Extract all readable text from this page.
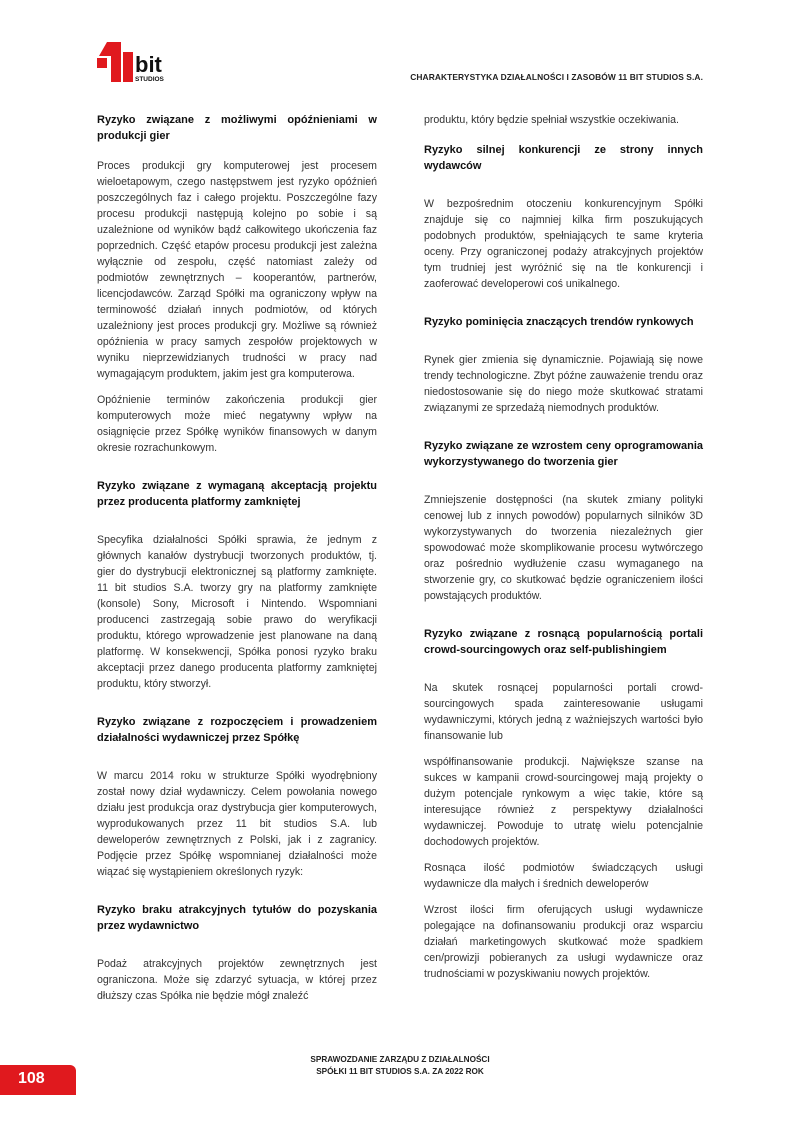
bit
STUDIOS	CHARAKTERYSTYKA DZIAŁALNOŚCI I ZASOBÓW 11 BIT STUDIOS S.A.
Ryzyko związane z możliwymi opóźnieniami w produkcji gier

Proces produkcji gry komputerowej jest procesem wieloetapowym, czego następstwem jest ryzyko opóźnień poszczególnych faz i całego projektu. Poszczególne fazy procesu produkcji następują kolejno po sobie i są uzależnione od wyników bądź całkowitego ukończenia faz poprzednich. Część etapów procesu produkcji jest zależna wyłącznie od zespołu, część natomiast zależy od podmiotów zewnętrznych – kooperantów, partnerów, licencjodawców. Zarząd Spółki ma ograniczony wpływ na terminowość działań innych podmiotów, od których uzależniony jest proces produkcji gry. Możliwe są również opóźnienia w pracy samych zespołów projektowych w wyniku nieprzewidzianych trudności w pracy nad wymagającym produktem, jakim jest gra komputerowa.

Opóźnienie terminów zakończenia produkcji gier komputerowych może mieć negatywny wpływ na osiągnięcie przez Spółkę wyników finansowych w danym okresie rozrachunkowym.

Ryzyko związane z wymaganą akceptacją projektu przez producenta platformy zamkniętej

Specyfika działalności Spółki sprawia, że jednym z głównych kanałów dystrybucji tworzonych produktów, tj. gier do dystrybucji elektronicznej są platformy zamknięte. 11 bit studios S.A. tworzy gry na platformy zamknięte (konsole) Sony, Microsoft i Nintendo. Wspomniani producenci zastrzegają sobie prawo do weryfikacji produktu, którego wprowadzenie jest planowane na daną platformę. W konsekwencji, Spółka ponosi ryzyko braku akceptacji przez danego producenta platformy zamkniętej produktu, który stworzył.

Ryzyko związane z rozpoczęciem i prowadzeniem działalności wydawniczej przez Spółkę

W marcu 2014 roku w strukturze Spółki wyodrębniony został nowy dział wydawniczy. Celem powołania nowego działu jest produkcja oraz dystrybucja gier komputerowych, wyprodukowanych przez 11 bit studios S.A. lub deweloperów zewnętrznych z Polski, jak i z zagranicy. Podjęcie przez Spółkę wspomnianej działalności może wiązać się wystąpieniem określonych ryzyk:

Ryzyko braku atrakcyjnych tytułów do pozyskania przez wydawnictwo

Podaż atrakcyjnych projektów zewnętrznych jest ograniczona. Może się zdarzyć sytuacja, w której przez dłuższy czas Spółka nie będzie mógł znaleźć

produktu, który będzie spełniał wszystkie oczekiwania.

Ryzyko silnej konkurencji ze strony innych wydawców

W bezpośrednim otoczeniu konkurencyjnym Spółki znajduje się co najmniej kilka firm poszukujących podobnych produktów, spełniających te same kryteria oceny. Przy ograniczonej podaży atrakcyjnych projektów tym trudniej jest wyróżnić się na tle konkurencji i zaoferować developerowi coś unikalnego.

Ryzyko pominięcia znaczących trendów rynkowych

Rynek gier zmienia się dynamicznie. Pojawiają się nowe trendy technologiczne. Zbyt późne zauważenie trendu oraz niedostosowanie się do niego może skutkować stratami związanymi ze sprzedażą niemodnych produktów.

Ryzyko związane ze wzrostem ceny oprogramowania wykorzystywanego do tworzenia gier

Zmniejszenie dostępności (na skutek zmiany polityki cenowej lub z innych powodów) popularnych silników 3D wykorzystywanych do tworzenia niezależnych gier spowodować może skomplikowanie procesu wytwórczego oraz pośrednio wydłużenie czasu wymaganego na stworzenie gry, co skutkować będzie ograniczeniem ilości powstających produktów.

Ryzyko związane z rosnącą popularnością portali crowd-sourcingowych oraz self-publishingiem

Na skutek rosnącej popularności portali crowd-sourcingowych spada zainteresowanie usługami wydawniczymi, których jedną z ważniejszych wartości było finansowanie lub

współfinansowanie produkcji. Największe szanse na sukces w kampanii crowd-sourcingowej mają projekty o dużym potencjale rynkowym a więc takie, które są interesujące również z perspektywy działalności wydawniczej. Powoduje to utratę wielu potencjalnie dochodowych projektów.

Rosnąca ilość podmiotów świadczących usługi wydawnicze dla małych i średnich deweloperów

Wzrost ilości firm oferujących usługi wydawnicze polegające na dofinansowaniu produkcji oraz wsparciu działań marketingowych skutkować może spadkiem cen/prowizji pobieranych za usługi wydawnicze oraz trudnościami w pozyskiwaniu nowych projektów.

SPRAWOZDANIE ZARZĄDU Z DZIAŁALNOŚCI
SPÓŁKI 11 BIT STUDIOS S.A. ZA 2022 ROK
108
